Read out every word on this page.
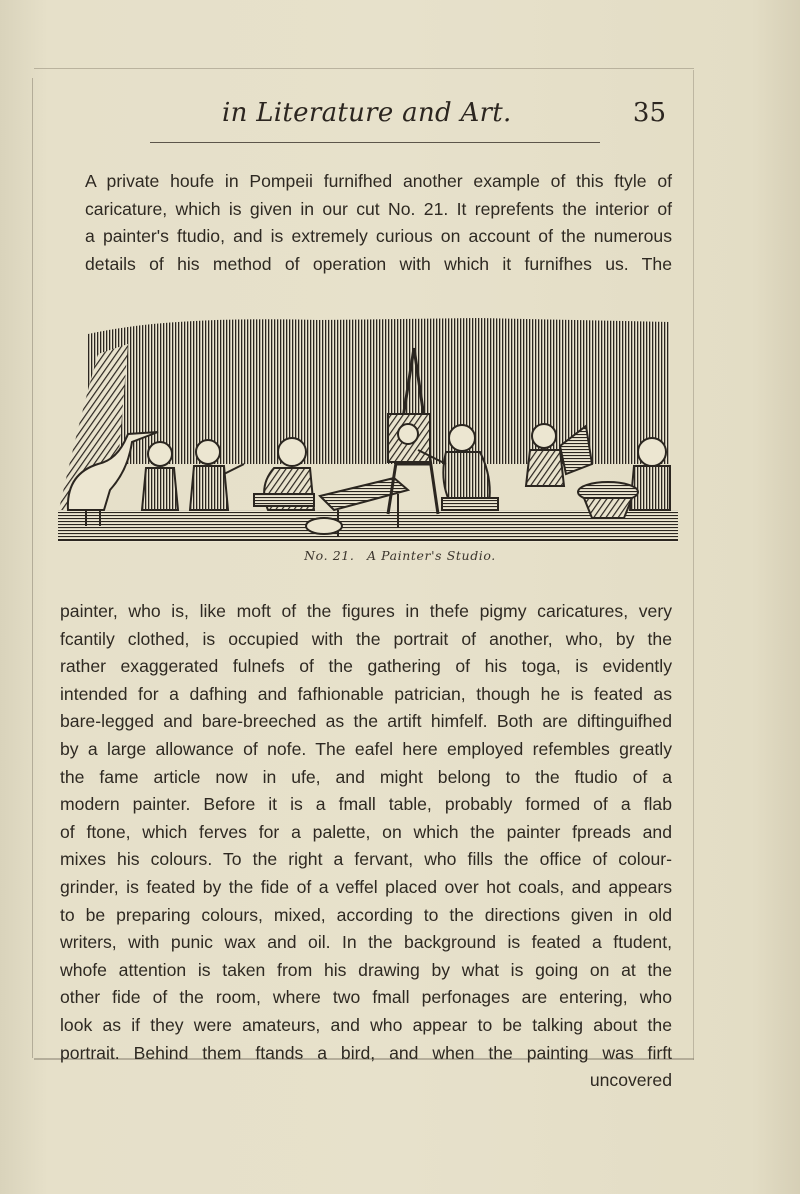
in Literature and Art.	35

A private houfe in Pompeii furnifhed another example of this ftyle of
caricature, which is given in our cut No. 21. It reprefents the interior of
a painter's ftudio, and is extremely curious on account of the numerous
details of his method of operation with which it furnifhes us. The

No. 21. A Painter's Studio.

painter, who is, like moft of the figures in thefe pigmy caricatures, very
fcantily clothed, is occupied with the portrait of another, who, by the
rather exaggerated fulnefs of the gathering of his toga, is evidently
intended for a dafhing and fafhionable patrician, though he is feated as
bare-legged and bare-breeched as the artift himfelf. Both are diftinguifhed
by a large allowance of nofe. The eafel here employed refembles greatly
the fame article now in ufe, and might belong to the ftudio of a
modern painter. Before it is a fmall table, probably formed of a flab
of ftone, which ferves for a palette, on which the painter fpreads and
mixes his colours. To the right a fervant, who fills the office of colour-
grinder, is feated by the fide of a veffel placed over hot coals, and appears
to be preparing colours, mixed, according to the directions given in old
writers, with punic wax and oil. In the background is feated a ftudent,
whofe attention is taken from his drawing by what is going on at the
other fide of the room, where two fmall perfonages are entering, who
look as if they were amateurs, and who appear to be talking about the
portrait. Behind them ftands a bird, and when the painting was firft
uncovered
